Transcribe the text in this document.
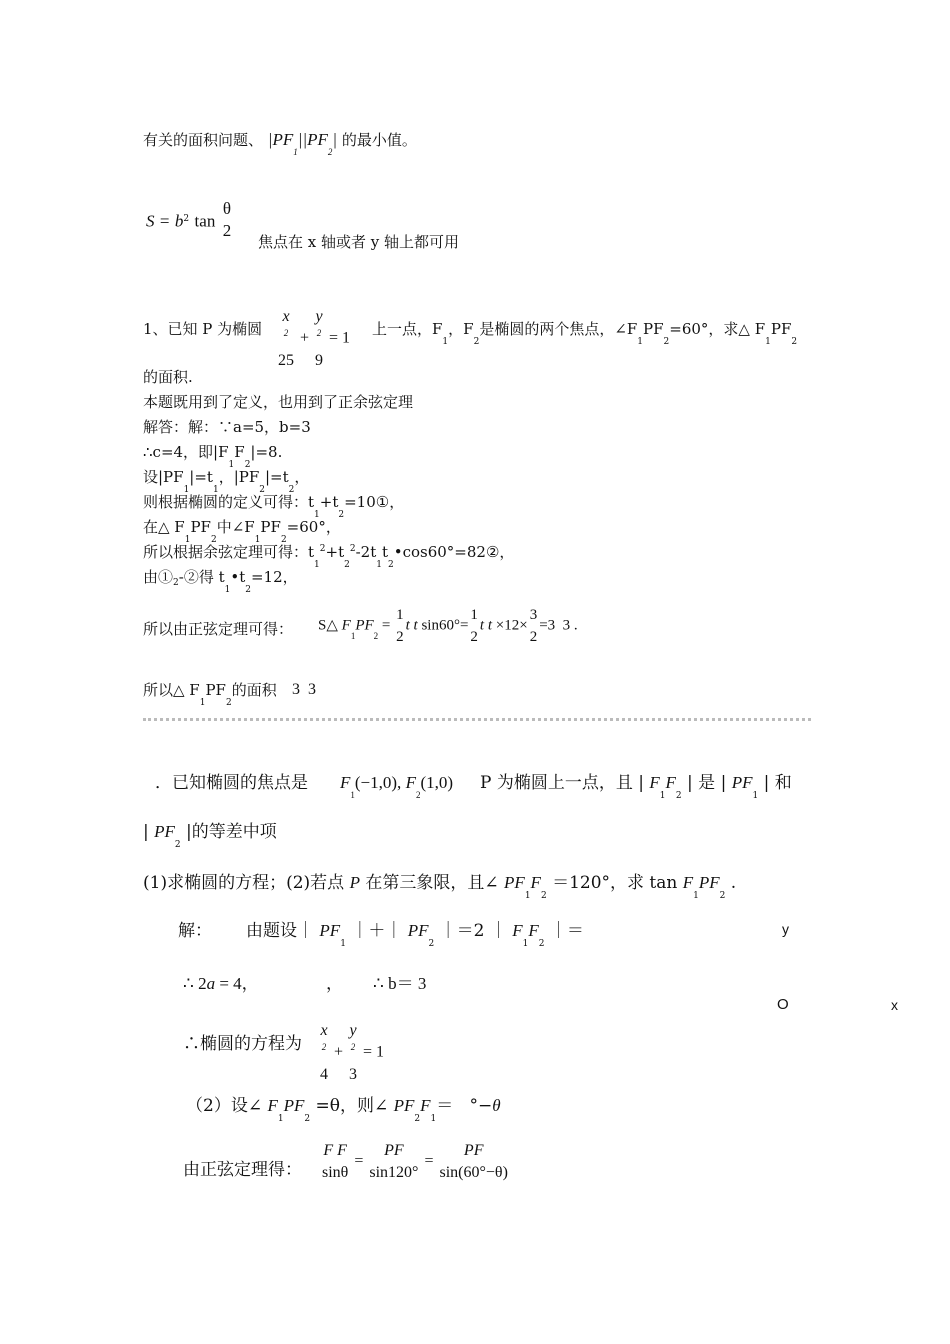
有关的面积问题、 $|PF_1||PF_2|$ 的最小值。
$S = b^2$ tan
θ
2
焦点在 x 轴或者 y 轴上都可用
1、已知 P 为椭圆
x
2
25
+
y
2
9
= 1
上一点，$F_1$，$F_2$是椭圆的两个焦点，$\angle F_1PF_2=60^\circ$，求△ $F_1PF_2$
的面积.
本题既用到了定义，也用到了正余弦定理
解答：解：∵a=5，b=3
∴c=4，即$|F_1F_2|=8$.
设$|PF_1|=t_1$，$|PF_2|=t_2$，
则根据椭圆的定义可得：$t_1+t_2=10①$，
在△ $F_1PF_2$中$\angle F_1PF_2=60^\circ$，
所以根据余弦定理可得：$t_1^2+t_2^2-2t_1t_2•\cos 60^\circ=82②$，
由$①_2-②$得 $t_1•t_2=12$，
所以由正弦定理可得： S△ $F_1PF_2$ =
1
2
t t sin60°=
1
2
t t ×12×
3
2
=3  3 .
所以△ $F_1PF_2$的面积 3  3
．已知椭圆的焦点是 $F_1(-1,0)$, $F_2(1,0)$ P 为椭圆上一点，且 | $F_1F_2$ | 是 | $PF_1$ | 和
| $PF_2$ |的等差中项
(1)求椭圆的方程；(2)若点 P 在第三象限，且∠ $PF_1F_2 =120^\circ$，求 $\tan F_1PF_2$ .
解： 由题设｜ $PF_1$ ｜＋｜ $PF_2$ ｜＝2 ｜ $F_1F_2$ ｜＝	y
∴ 2a = 4，	， ∴ b＝ 3
O	x
∴椭圆的方程为
x
2
4
+
y
2
3
= 1
（2）设∠ $F_1PF_2 =\theta$，则∠ $PF_2F_1= ^\circ-\theta$
由正弦定理得：
F F
sinθ
=
PF
sin120°
=
PF
sin(60°−θ)
